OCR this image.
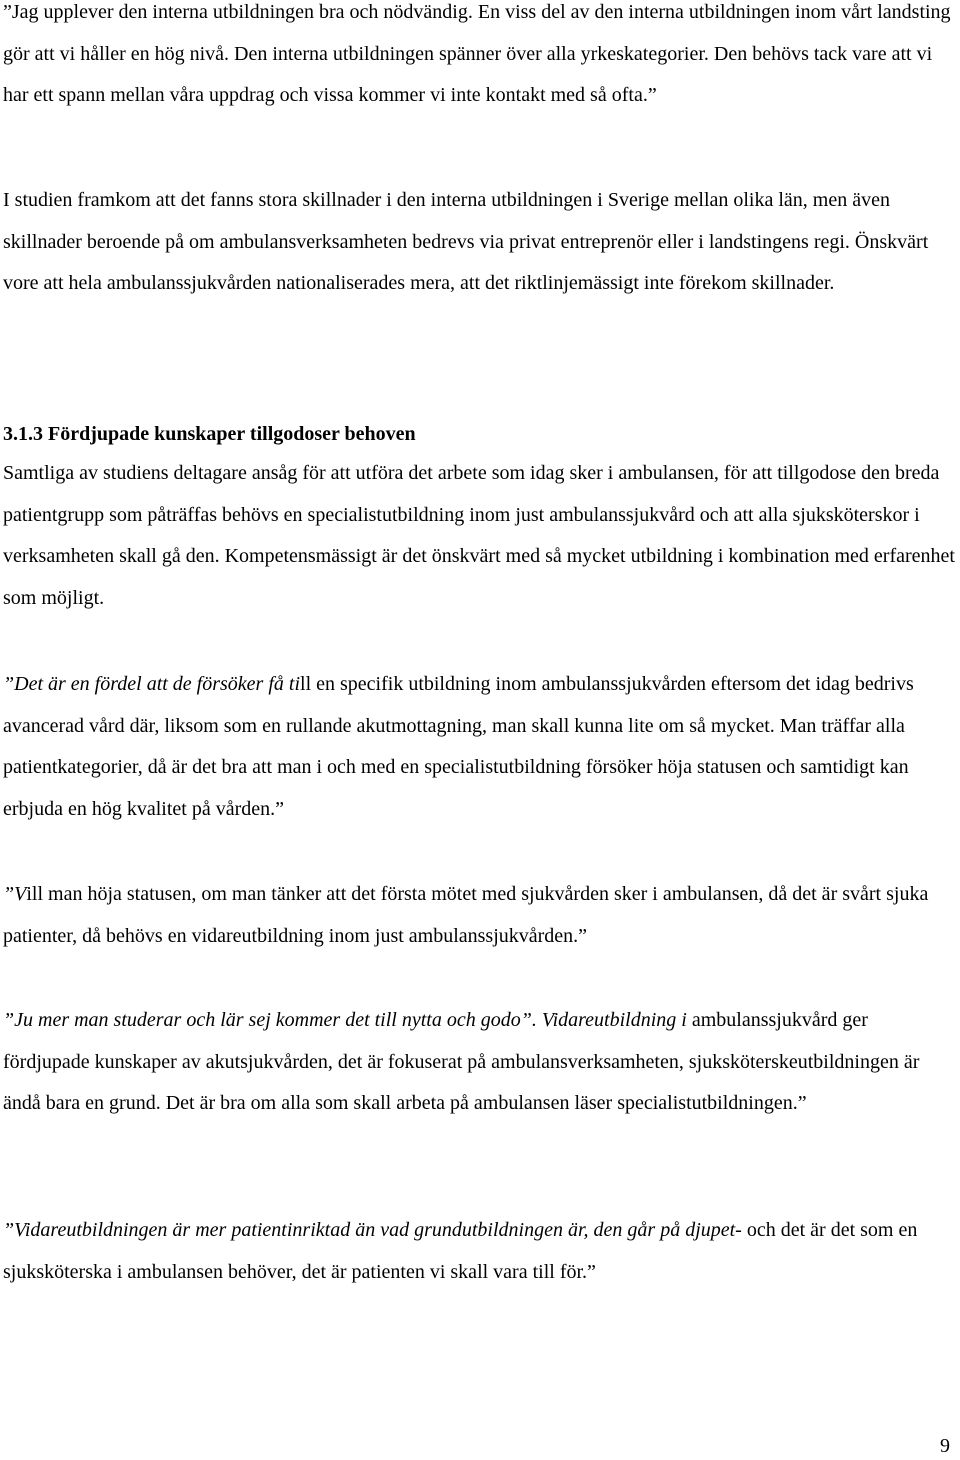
”Jag upplever den interna utbildningen bra och nödvändig. En viss del av den interna utbildningen inom vårt landsting gör att vi håller en hög nivå. Den interna utbildningen spänner över alla yrkeskategorier. Den behövs tack vare att vi har ett spann mellan våra uppdrag och vissa kommer vi inte kontakt med så ofta.”

I studien framkom att det fanns stora skillnader i den interna utbildningen i Sverige mellan olika län, men även skillnader beroende på om ambulansverksamheten bedrevs via privat entreprenör eller i landstingens regi. Önskvärt vore att hela ambulanssjukvården nationaliserades mera, att det riktlinjemässigt inte förekom skillnader.

3.1.3 Fördjupade kunskaper tillgodoser behoven

Samtliga av studiens deltagare ansåg för att utföra det arbete som idag sker i ambulansen, för att tillgodose den breda patientgrupp som påträffas behövs en specialistutbildning inom just ambulanssjukvård och att alla sjuksköterskor i verksamheten skall gå den. Kompetensmässigt är det önskvärt med så mycket utbildning i kombination med erfarenhet som möjligt.

”Det är en fördel att de försöker få till en specifik utbildning inom ambulanssjukvården eftersom det idag bedrivs avancerad vård där, liksom som en rullande akutmottagning, man skall kunna lite om så mycket. Man träffar alla patientkategorier, då är det bra att man i och med en specialistutbildning försöker höja statusen och samtidigt kan erbjuda en hög kvalitet på vården.”

”Vill man höja statusen, om man tänker att det första mötet med sjukvården sker i ambulansen, då det är svårt sjuka patienter, då behövs en vidareutbildning inom just ambulanssjukvården.”

”Ju mer man studerar och lär sej kommer det till nytta och godo”. Vidareutbildning i ambulanssjukvård ger fördjupade kunskaper av akutsjukvården, det är fokuserat på ambulansverksamheten, sjuksköterskeutbildningen är ändå bara en grund. Det är bra om alla som skall arbeta på ambulansen läser specialistutbildningen.”

”Vidareutbildningen är mer patientinriktad än vad grundutbildningen är, den går på djupet- och det är det som en sjuksköterska i ambulansen behöver, det är patienten vi skall vara till för.”

9
